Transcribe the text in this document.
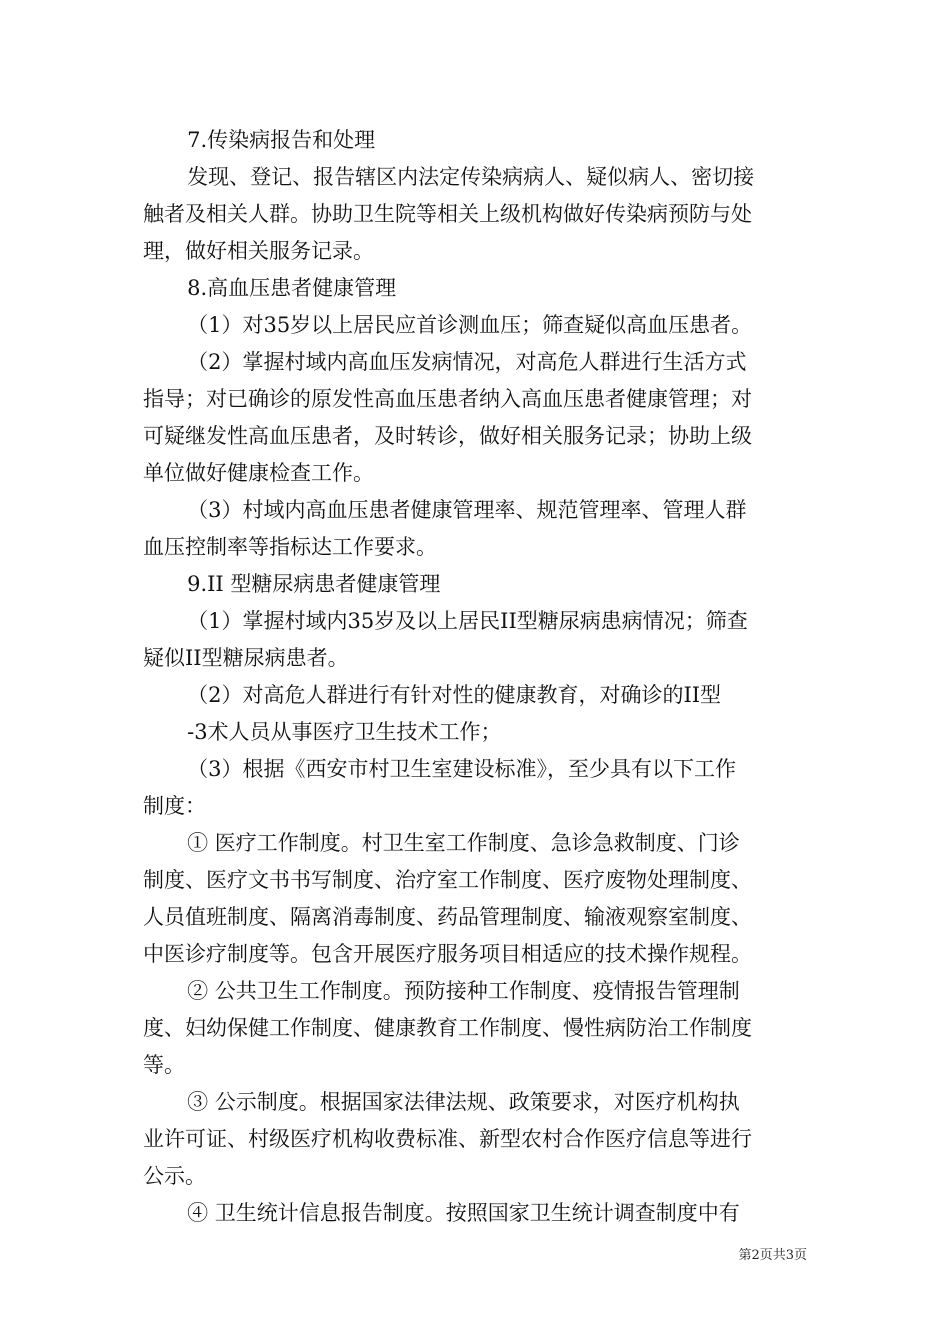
7.传染病报告和处理
发现、登记、报告辖区内法定传染病病人、疑似病人、密切接
触者及相关人群。协助卫生院等相关上级机构做好传染病预防与处
理，做好相关服务记录。
8.高血压患者健康管理
（1）对35岁以上居民应首诊测血压；筛查疑似高血压患者。
（2）掌握村域内高血压发病情况，对高危人群进行生活方式
指导；对已确诊的原发性高血压患者纳入高血压患者健康管理；对
可疑继发性高血压患者，及时转诊，做好相关服务记录；协助上级
单位做好健康检查工作。
（3）村域内高血压患者健康管理率、规范管理率、管理人群
血压控制率等指标达工作要求。
9.II 型糖尿病患者健康管理
（1）掌握村域内35岁及以上居民II型糖尿病患病情况；筛查
疑似II型糖尿病患者。
（2）对高危人群进行有针对性的健康教育，对确诊的II型
-3术人员从事医疗卫生技术工作；
（3）根据《西安市村卫生室建设标准》，至少具有以下工作
制度：
① 医疗工作制度。村卫生室工作制度、急诊急救制度、门诊
制度、医疗文书书写制度、治疗室工作制度、医疗废物处理制度、
人员值班制度、隔离消毒制度、药品管理制度、输液观察室制度、
中医诊疗制度等。包含开展医疗服务项目相适应的技术操作规程。
② 公共卫生工作制度。预防接种工作制度、疫情报告管理制
度、妇幼保健工作制度、健康教育工作制度、慢性病防治工作制度
等。
③ 公示制度。根据国家法律法规、政策要求，对医疗机构执
业许可证、村级医疗机构收费标准、新型农村合作医疗信息等进行
公示。
④ 卫生统计信息报告制度。按照国家卫生统计调查制度中有
第2页共3页
